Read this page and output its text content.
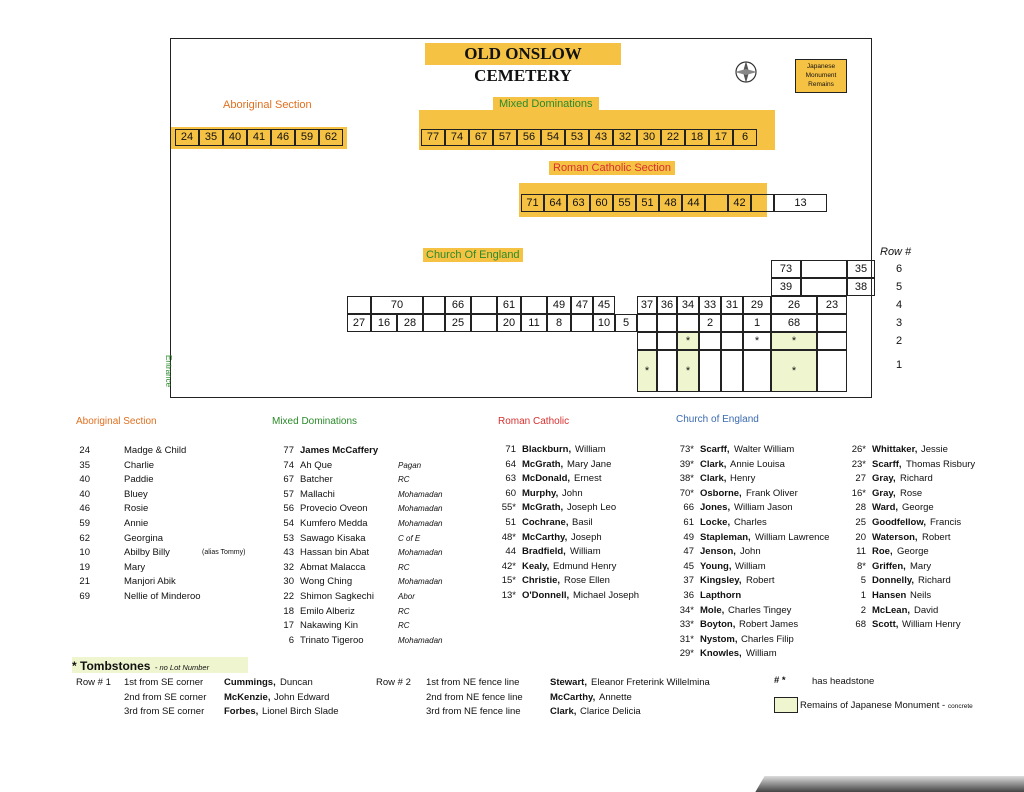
OLD ONSLOW CEMETERY	Japanese Monument Remains
Aboriginal Section	Mixed Dominations
Roman Catholic Section
Church Of England
Entrance
24	35	40	41	46	59	62	77	74	67	57	56	54	53	43	32	30	22	18	17	6
71 64 63 60 55 51 48 44	42	13
73	35
39	38
70	66	61	49 47 45
27	16	28	25	20	11	8	10	5
37 36 34 33
2
31	29
1
26
68
23
*	*	*
*	*	*
Row #
6
5
4
3
2
1
Aboriginal Section	Mixed Dominations	Roman Catholic	Church of England
24	Madge & Child
35	Charlie
40	Paddie
40	Bluey
46	Rosie
59	Annie
62	Georgina
10	Abilby Billy	(alias Tommy)
19	Mary
21	Manjori Abik
69	Nellie of Minderoo
77 James McCaffery
74 Ah Que	Pagan
67 Batcher	RC
57 Mallachi	Mohamadan
56 Provecio Oveon	Mohamadan
54 Kumfero Medda	Mohamadan
53 Sawago Kisaka	C of E
43 Hassan bin Abat	Mohamadan
32 Abmat Malacca	RC
30 Wong Ching	Mohamadan
22 Shimon Sagkechi	Abor
18 Emilo Alberiz	RC
17 Nakawing Kin	RC
6 Trinato Tigeroo	Mohamadan
71 Blackburn, William
64 McGrath, Mary Jane
63 McDonald, Ernest
60 Murphy, John
55* McGrath, Joseph Leo
51 Cochrane, Basil
48* McCarthy, Joseph
44 Bradfield, William
42* Kealy, Edmund Henry
15* Christie, Rose Ellen
13* O'Donnell, Michael Joseph
73* Scarff, Walter William
39* Clark, Annie Louisa
38* Clark, Henry
70* Osborne, Frank Oliver
66 Jones, William Jason
61 Locke, Charles
49 Stapleman, William Lawrence
47 Jenson, John
45 Young, William
37 Kingsley, Robert
36 Lapthorn
34* Mole, Charles Tingey
33* Boyton, Robert James
31* Nystom, Charles Filip
29* Knowles, William
26* Whittaker, Jessie
23* Scarff, Thomas Risbury
27 Gray, Richard
16* Gray, Rose
28 Ward, George
25 Goodfellow, Francis
20 Waterson, Robert
11 Roe, George
8* Griffen, Mary
5 Donnelly, Richard
1 Hansen Neils
2 McLean, David
68 Scott, William Henry
* Tombstones - no Lot Number
Row # 1 1st from SE corner Cummings, Duncan
2nd from SE corner McKenzie, John Edward
3rd from SE corner Forbes, Lionel Birch Slade
Row # 2 1st from NE fence line	Stewart, Eleanor Freterink Willelmina
2nd from NE fence line	McCarthy, Annette
3rd from NE fence line	Clark, Clarice Delicia
# *	has headstone
Remains of Japanese Monument - concrete
